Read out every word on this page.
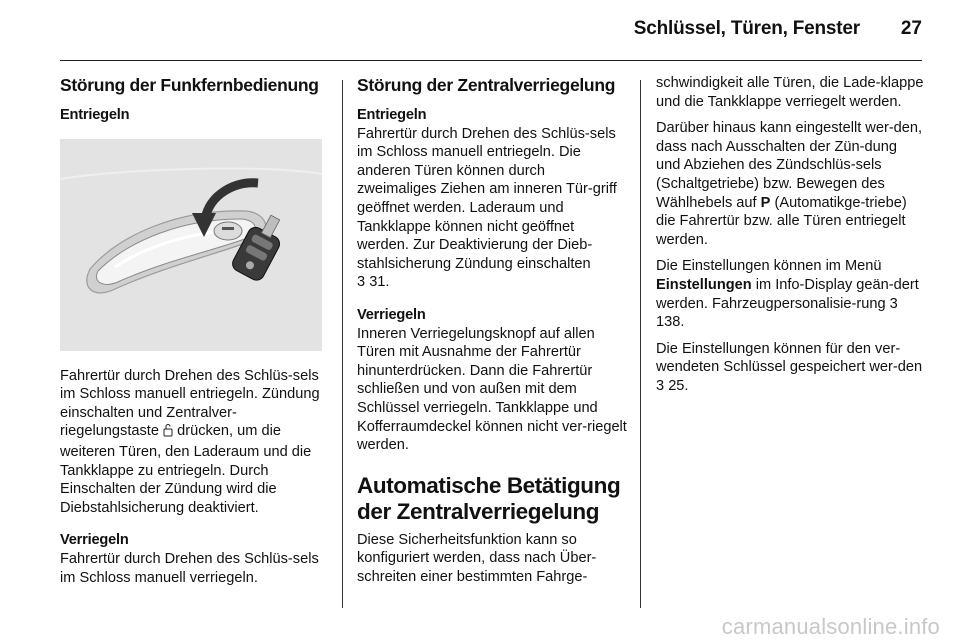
Schlüssel, Türen, Fenster	27
Störung der Funkfernbedienung
Entriegeln

Fahrertür durch Drehen des Schlüs-sels im Schloss manuell entriegeln. Zündung einschalten und Zentralver-riegelungstaste drücken, um die weiteren Türen, den Laderaum und die Tankklappe zu entriegeln. Durch Einschalten der Zündung wird die Diebstahlsicherung deaktiviert.

Verriegeln

Fahrertür durch Drehen des Schlüs-sels im Schloss manuell verriegeln.

Störung der Zentralverriegelung
Entriegeln

Fahrertür durch Drehen des Schlüs-sels im Schloss manuell entriegeln. Die anderen Türen können durch zweimaliges Ziehen am inneren Tür-griff geöffnet werden. Laderaum und Tankklappe können nicht geöffnet werden. Zur Deaktivierung der Dieb-stahlsicherung Zündung einschalten
3 31.

Verriegeln

Inneren Verriegelungsknopf auf allen Türen mit Ausnahme der Fahrertür hinunterdrücken. Dann die Fahrertür schließen und von außen mit dem Schlüssel verriegeln. Tankklappe und Kofferraumdeckel können nicht ver-riegelt werden.

Automatische Betätigung der Zentralverriegelung

Diese Sicherheitsfunktion kann so konfiguriert werden, dass nach Über-schreiten einer bestimmten Fahrge-

schwindigkeit alle Türen, die Lade-klappe und die Tankklappe verriegelt werden.

Darüber hinaus kann eingestellt wer-den, dass nach Ausschalten der Zün-dung und Abziehen des Zündschlüs-sels (Schaltgetriebe) bzw. Bewegen des Wählhebels auf P (Automatikge-triebe) die Fahrertür bzw. alle Türen entriegelt werden.

Die Einstellungen können im Menü Einstellungen im Info-Display geän-dert werden. Fahrzeugpersonalisie-rung 3 138.

Die Einstellungen können für den ver-wendeten Schlüssel gespeichert wer-den 3 25.

carmanualsonline.info
